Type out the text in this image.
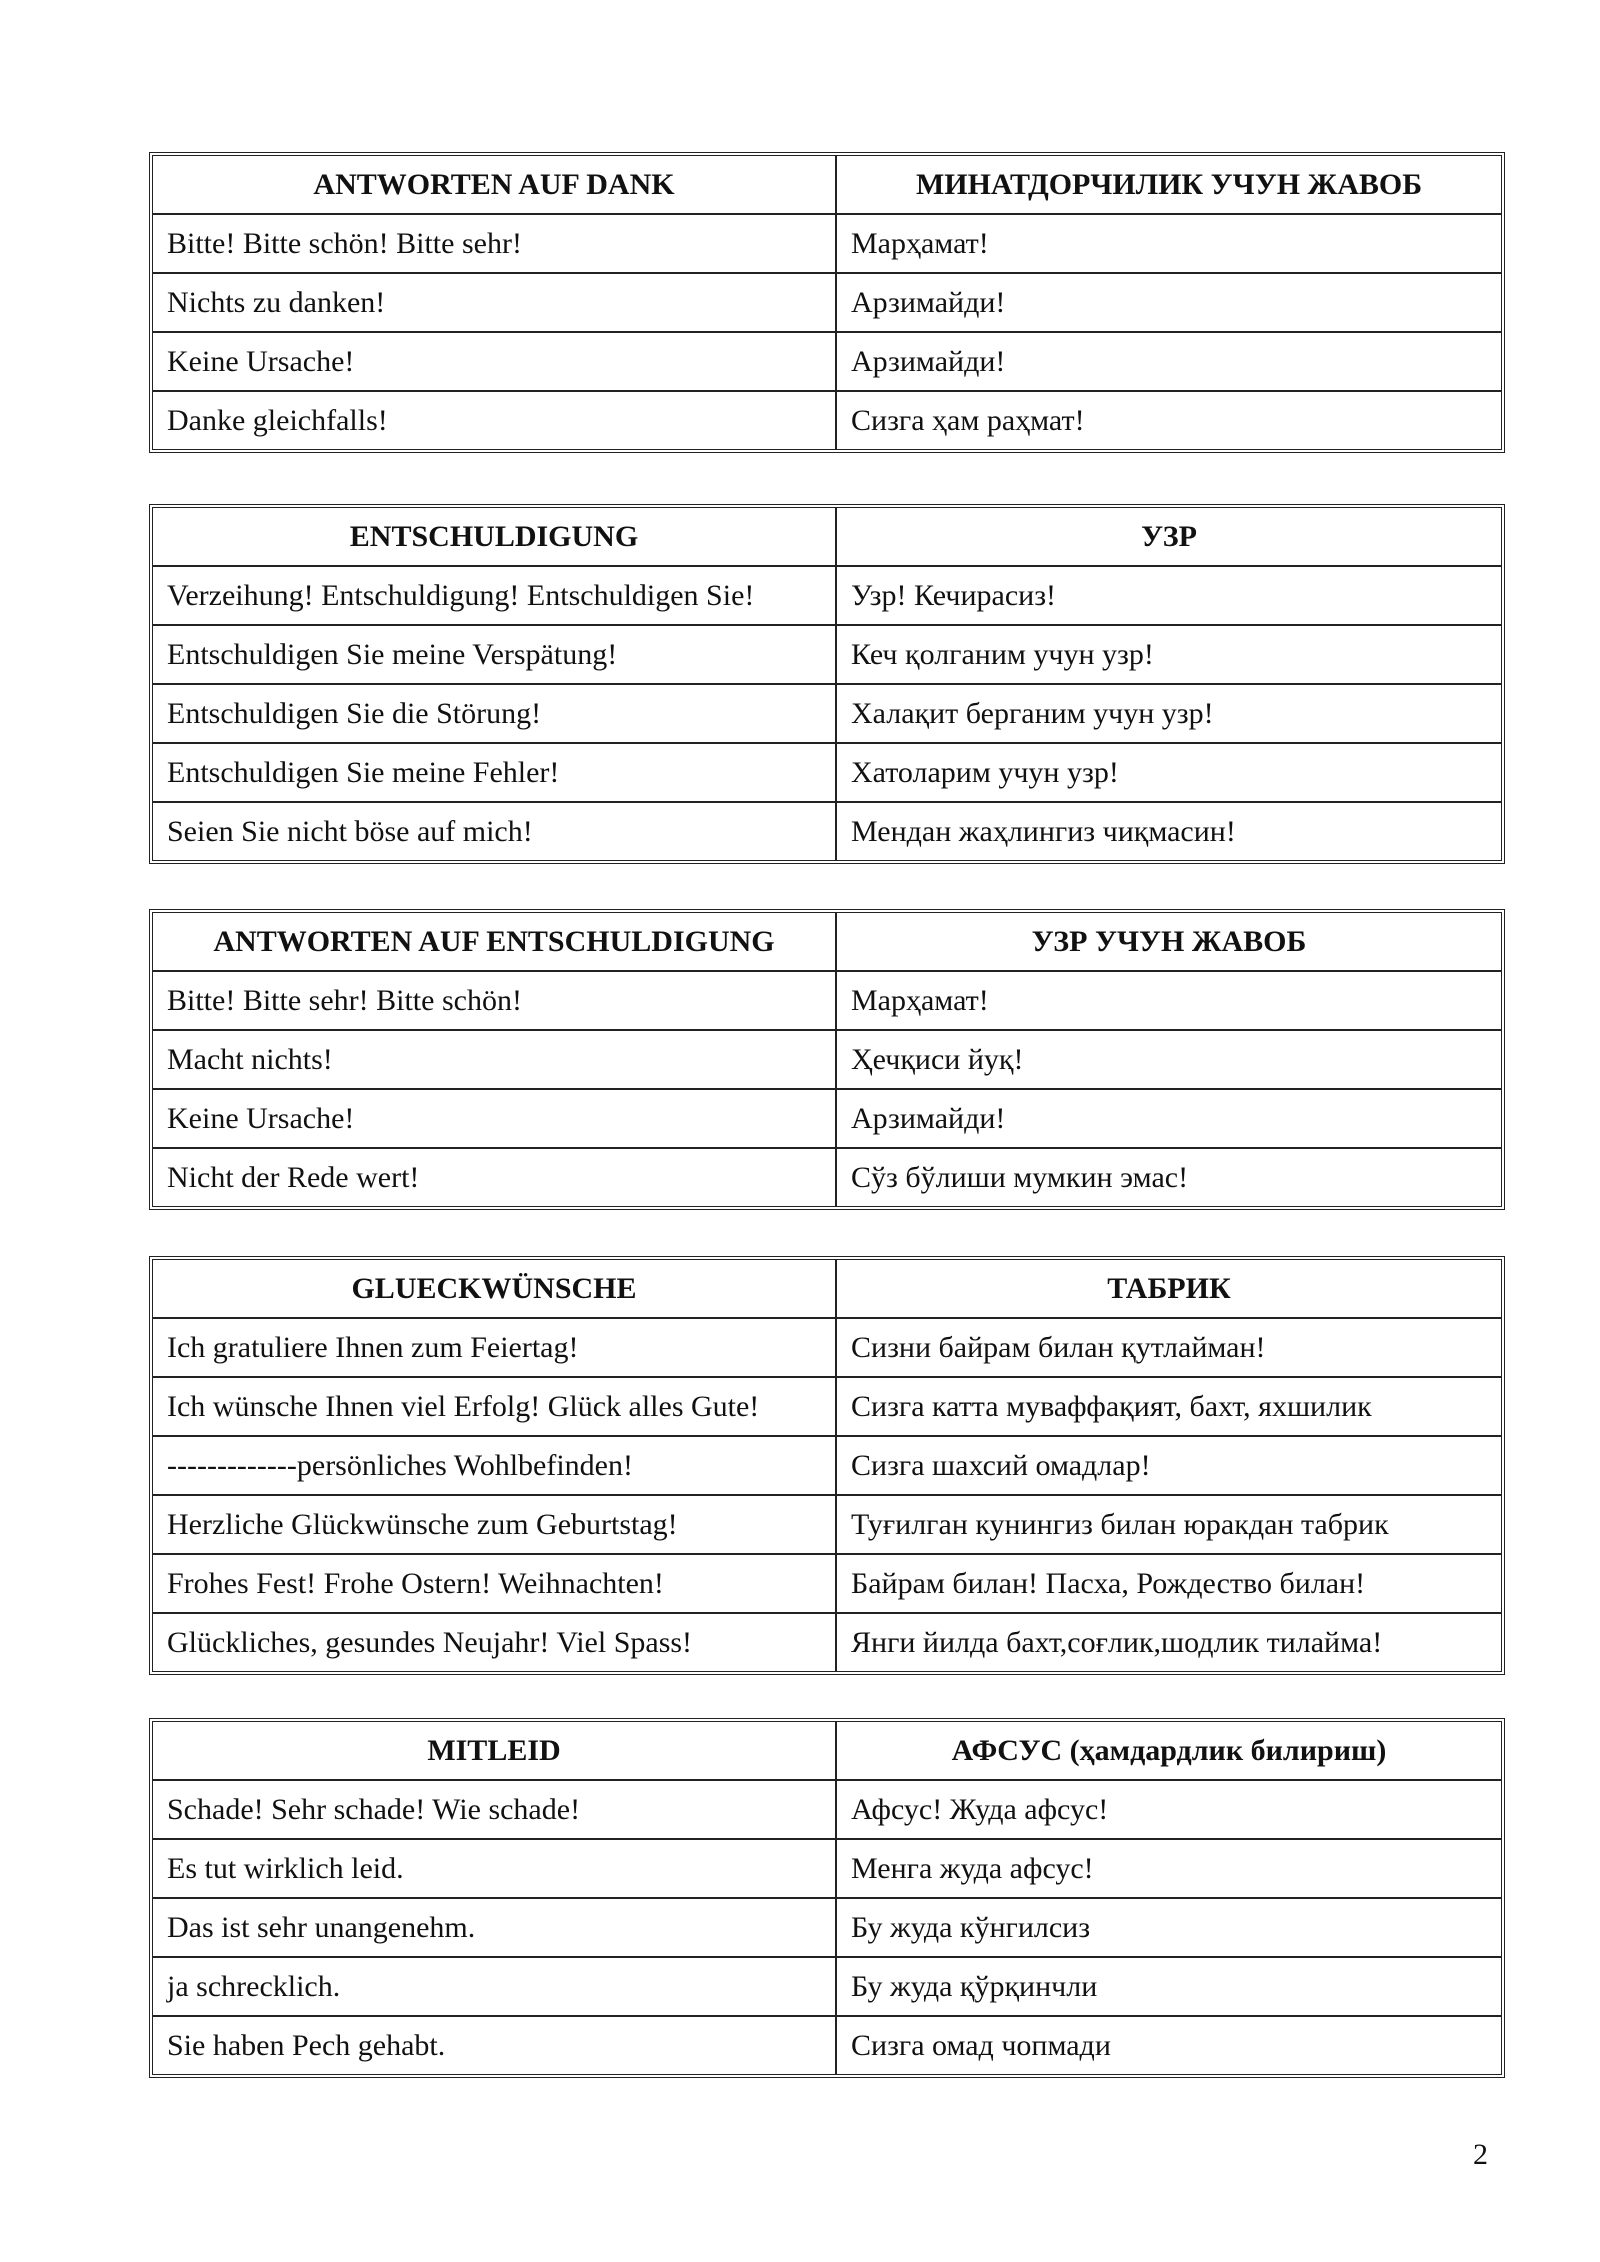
ANTWORTEN AUF DANK	МИНАТДОРЧИЛИК УЧУН ЖАВОБ
Bitte! Bitte schön! Bitte sehr!	Марҳамат!
Nichts zu danken!	Арзимайди!
Keine Ursache!	Арзимайди!
Danke gleichfalls!	Сизга ҳам раҳмат!
ENTSCHULDIGUNG	УЗР
Verzeihung! Entschuldigung! Entschuldigen Sie!	Узр! Кечирасиз!
Entschuldigen Sie meine Verspätung!	Кеч қолганим учун узр!
Entschuldigen Sie die Störung!	Халақит берганим учун узр!
Entschuldigen Sie meine Fehler!	Хатоларим учун узр!
Seien Sie nicht böse auf mich!	Мендан жаҳлингиз чиқмасин!
ANTWORTEN AUF ENTSCHULDIGUNG	УЗР УЧУН ЖАВОБ
Bitte! Bitte sehr! Bitte schön!	Марҳамат!
Macht nichts!	Ҳечқиси йуқ!
Keine Ursache!	Арзимайди!
Nicht der Rede wert!	Сўз бўлиши мумкин эмас!
GLUECKWÜNSCHE	ТАБРИК
Ich gratuliere Ihnen zum Feiertag!	Сизни байрам билан қутлайман!
Ich wünsche Ihnen viel Erfolg! Glück alles Gute!	Сизга катта муваффақият, бахт, яхшилик
-------------persönliches Wohlbefinden!	Сизга шахсий омадлар!
Herzliche Glückwünsche zum Geburtstag!	Туғилган кунингиз билан юракдан табрик
Frohes Fest! Frohe Ostern! Weihnachten!	Байрам билан! Пасха, Рождество билан!
Glückliches, gesundes Neujahr! Viel Spass!	Янги йилда бахт,соғлик,шодлик тилайма!
MITLEID	АФСУС (ҳамдардлик билириш)
Schade! Sehr schade! Wie schade!	Афсус! Жуда афсус!
Es tut wirklich leid.	Менга жуда афсус!
Das ist sehr unangenehm.	Бу жуда кўнгилсиз
ja schrecklich.	Бу жуда қўрқинчли
Sie haben Pech gehabt.	Сизга омад чопмади
2
